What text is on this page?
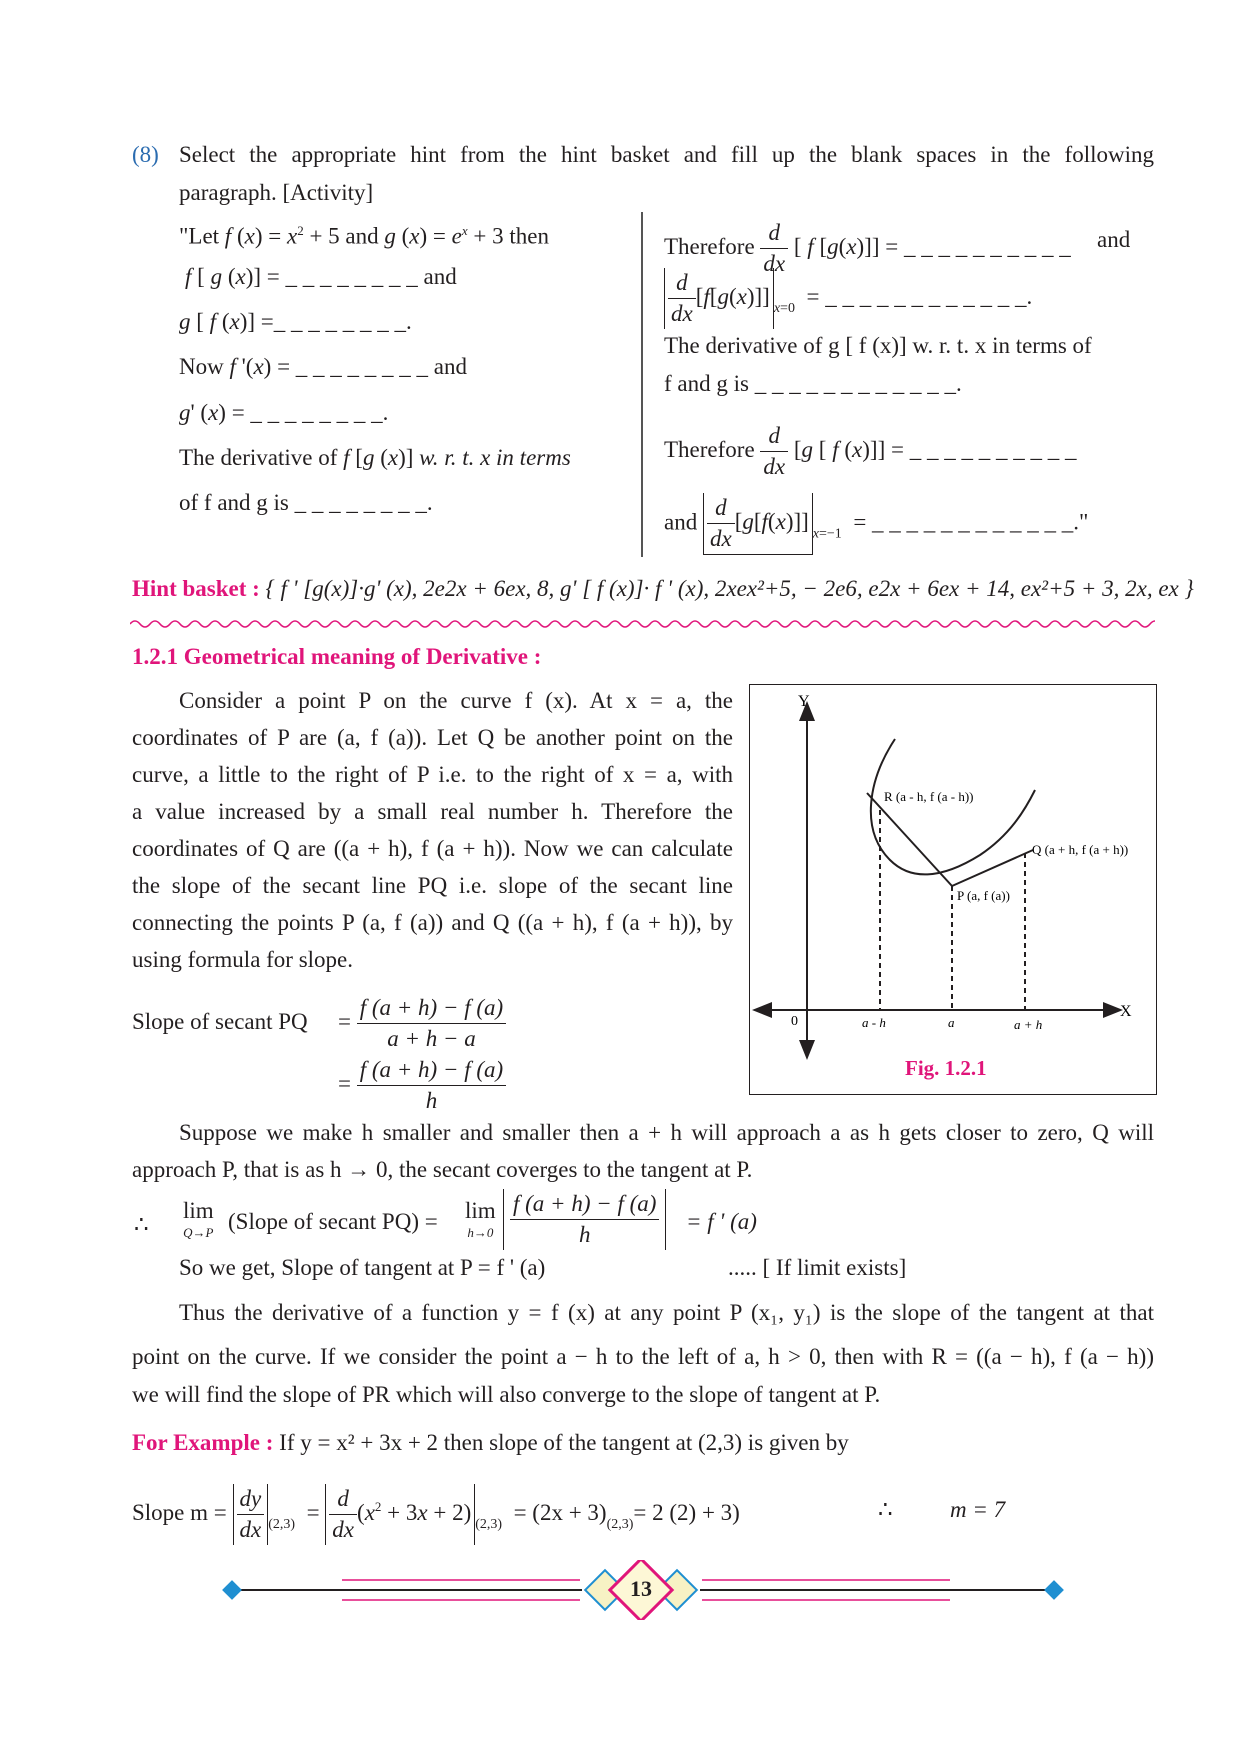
(8) Select the appropriate hint from the hint basket and fill up the blank spaces in the following
paragraph. [Activity]
"Let f $(x) = x^2 + 5$ and g $(x) = e^x + 3$ then
f [ g (x)] = _ _ _ _ _ _ _ _ and
g [ f (x)] =_ _ _ _ _ _ _ _.
Now f '(x) = _ _ _ _ _ _ _ _ and
g' (x) = _ _ _ _ _ _ _ _.
The derivative of f [g (x)] w. r. t. x in terms
of f and g is _ _ _ _ _ _ _ _.
Therefore $\frac{d}{dx}$ [ f [g(x)]] = _ _ _ _ _ _ _ _ _ _ and
$\frac{d}{dx} [f[g(x)]]_{x=0}$  = _ _ _ _ _ _ _ _ _ _ _ _.
The derivative of g [ f (x)] w. r. t. x in terms of
f and g is _ _ _ _ _ _ _ _ _ _ _ _.
Therefore $\frac{d}{dx} [g$ [ f (x)]] = _ _ _ _ _ _ _ _ _ _
and $\frac{d}{dx} [g[f(x)]]_{x=-1}$  = _ _ _ _ _ _ _ _ _ _ _ _."
Hint basket : { f ' [g(x)]·g' (x), 2e2x + 6ex, 8, g' [ f (x)]· f ' (x), 2xex²+5, − 2e6, e2x + 6ex + 14, ex²+5 + 3, 2x, ex }
1.2.1 Geometrical meaning of Derivative :
Consider a point P on the curve f (x). At x = a, the
coordinates of P are (a, f (a)). Let Q be another point on the
curve, a little to the right of P i.e. to the right of x = a, with
a value increased by a small real number h. Therefore the
coordinates of Q are ((a + h), f (a + h)). Now we can calculate
the slope of the secant line PQ i.e. slope of the secant line
connecting the points P (a, f (a)) and Q ((a + h), f (a + h)), by
using formula for slope.
Slope of secant PQ = $\frac{f (a + h) - f (a)}{a + h - a}$
= $\frac{f (a + h) - f (a)}{h}$
Y
X
0
R (a - h, f (a - h))
Q (a + h, f (a + h))
P (a, f (a))
a - h	a	a + h
Fig. 1.2.1
Suppose we make h smaller and smaller then a + h will approach a as h gets closer to zero, Q will
approach P, that is as h → 0, the secant coverges to the tangent at P.
∴
lim
Q→P (Slope of secant PQ) = lim
$h\to 0 \frac{f (a + h) - f (a)}{h} = f$ ' (a)
So we get, Slope of tangent at P = f ' (a)	..... [ If limit exists]
Thus the derivative of a function y = f (x) at any point P (x₁, y₁) is the slope of the tangent at that
point on the curve. If we consider the point a − h to the left of a, h > 0, then with R = ((a − h), f (a − h))
we will find the slope of PR which will also converge to the slope of tangent at P.
For Example : If y = x² + 3x + 2 then slope of the tangent at (2,3) is given by
Slope $m = \frac{dy}{dx} _{(2,3)} = \frac{d}{dx} (x^2 + 3x + 2)_{(2,3)} = (2x + 3)_{(2,3)}= 2$ (2) + 3)	∴ m = 7
13
